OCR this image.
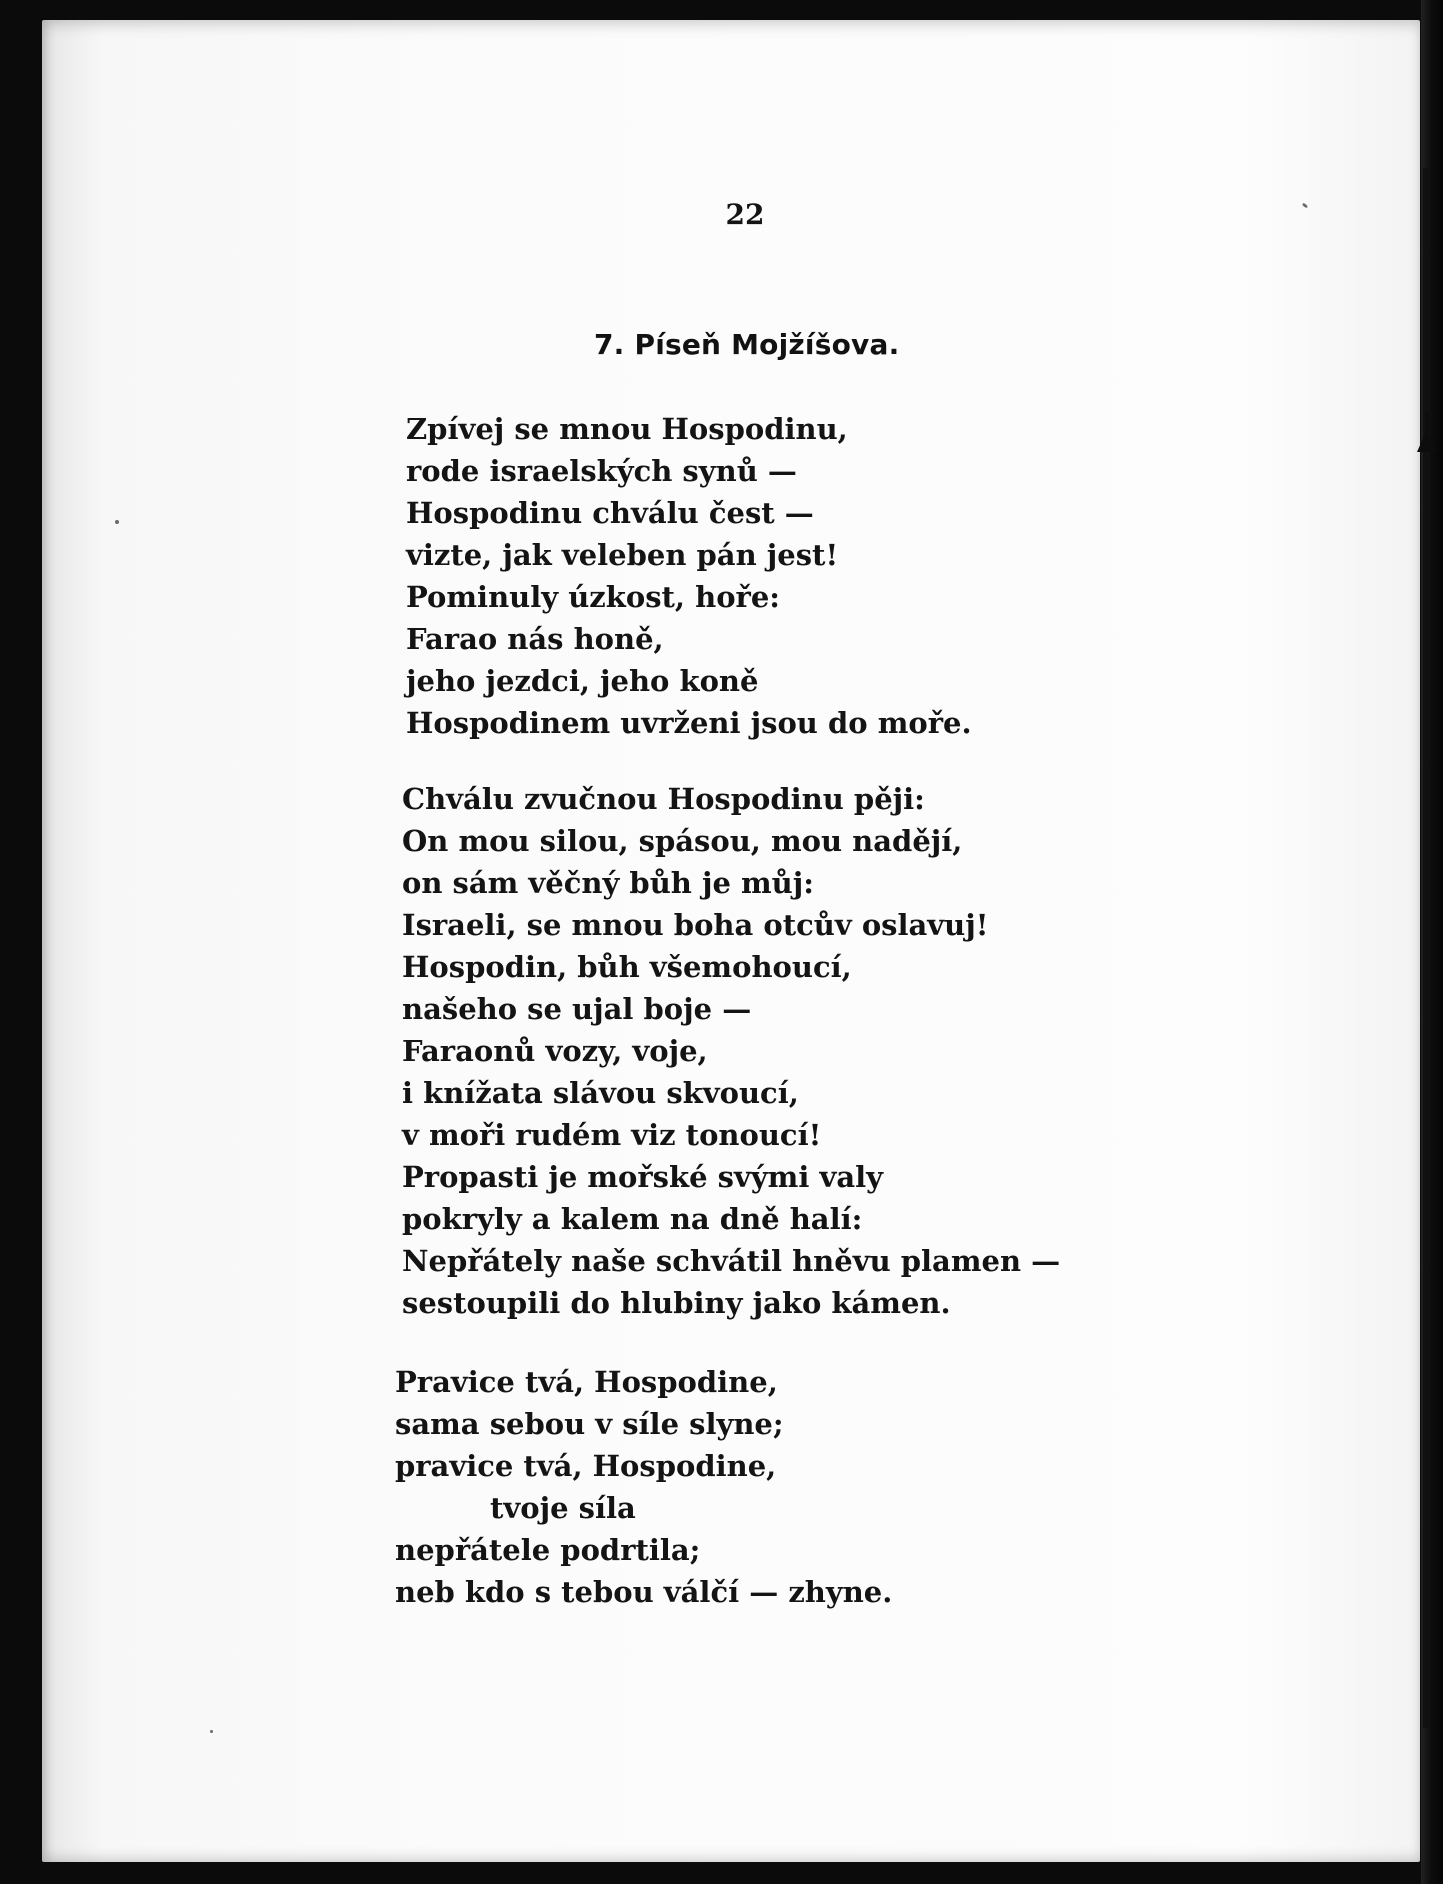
22
7. Píseň Mojžíšova.
Zpívej se mnou Hospodinu,
rode israelských synů —
Hospodinu chválu čest —
vizte, jak veleben pán jest!
Pominuly úzkost, hoře:
Farao nás honě,
jeho jezdci, jeho koně
Hospodinem uvrženi jsou do moře.
Chválu zvučnou Hospodinu pěji:
On mou silou, spásou, mou nadějí,
on sám věčný bůh je můj:
Israeli, se mnou boha otcův oslavuj!
Hospodin, bůh všemohoucí,
našeho se ujal boje —
Faraonů vozy, voje,
i knížata slávou skvoucí,
v moři rudém viz tonoucí!
Propasti je mořské svými valy
pokryly a kalem na dně halí:
Nepřátely naše schvátil hněvu plamen —
sestoupili do hlubiny jako kámen.
Pravice tvá, Hospodine,
sama sebou v síle slyne;
pravice tvá, Hospodine,
tvoje síla
nepřátele podrtila;
neb kdo s tebou válčí — zhyne.
